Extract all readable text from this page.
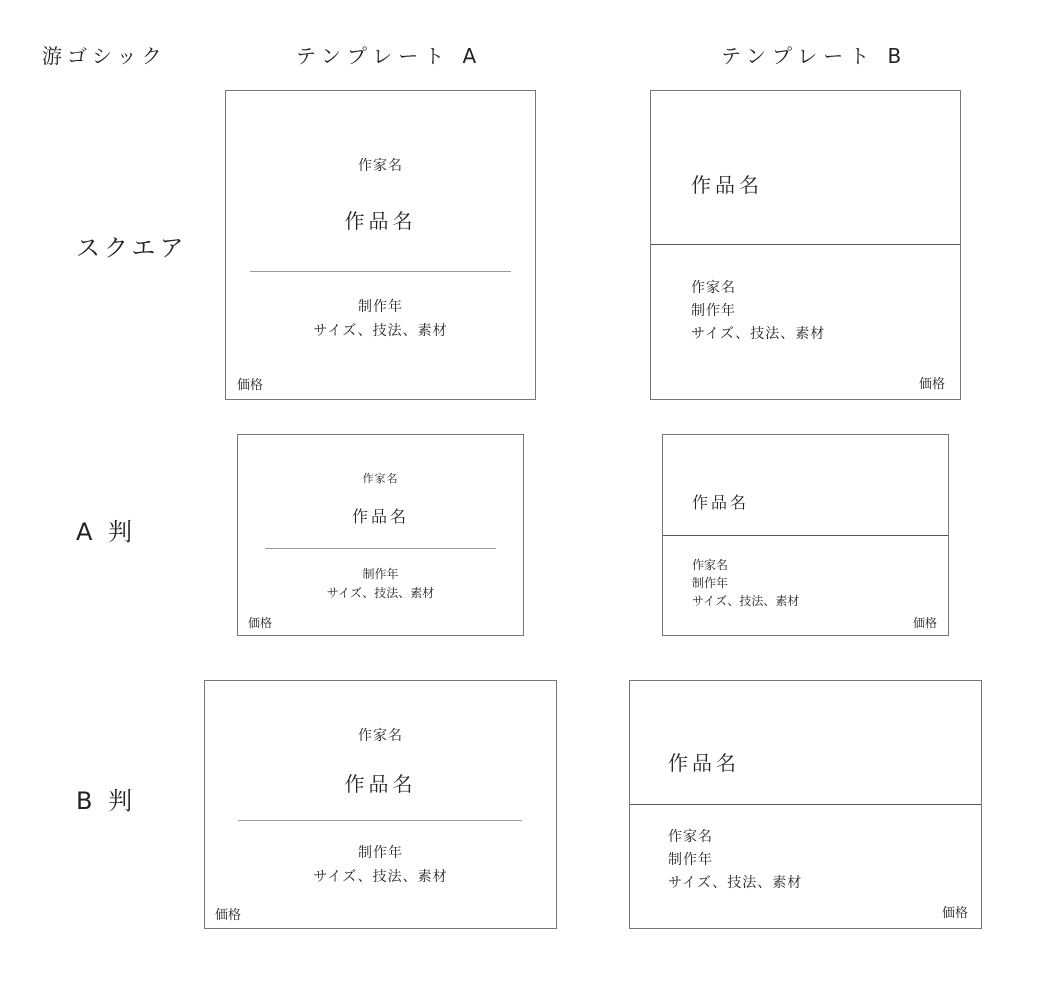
游ゴシック	テンプレート A	テンプレート B
スクエア
A 判
B 判
作家名
作品名
制作年
サイズ、技法、素材
価格
作品名
作家名
制作年
サイズ、技法、素材
価格
作家名
作品名
制作年
サイズ、技法、素材
価格
作品名
作家名
制作年
サイズ、技法、素材
価格
作家名
作品名
制作年
サイズ、技法、素材
価格
作品名
作家名
制作年
サイズ、技法、素材
価格
